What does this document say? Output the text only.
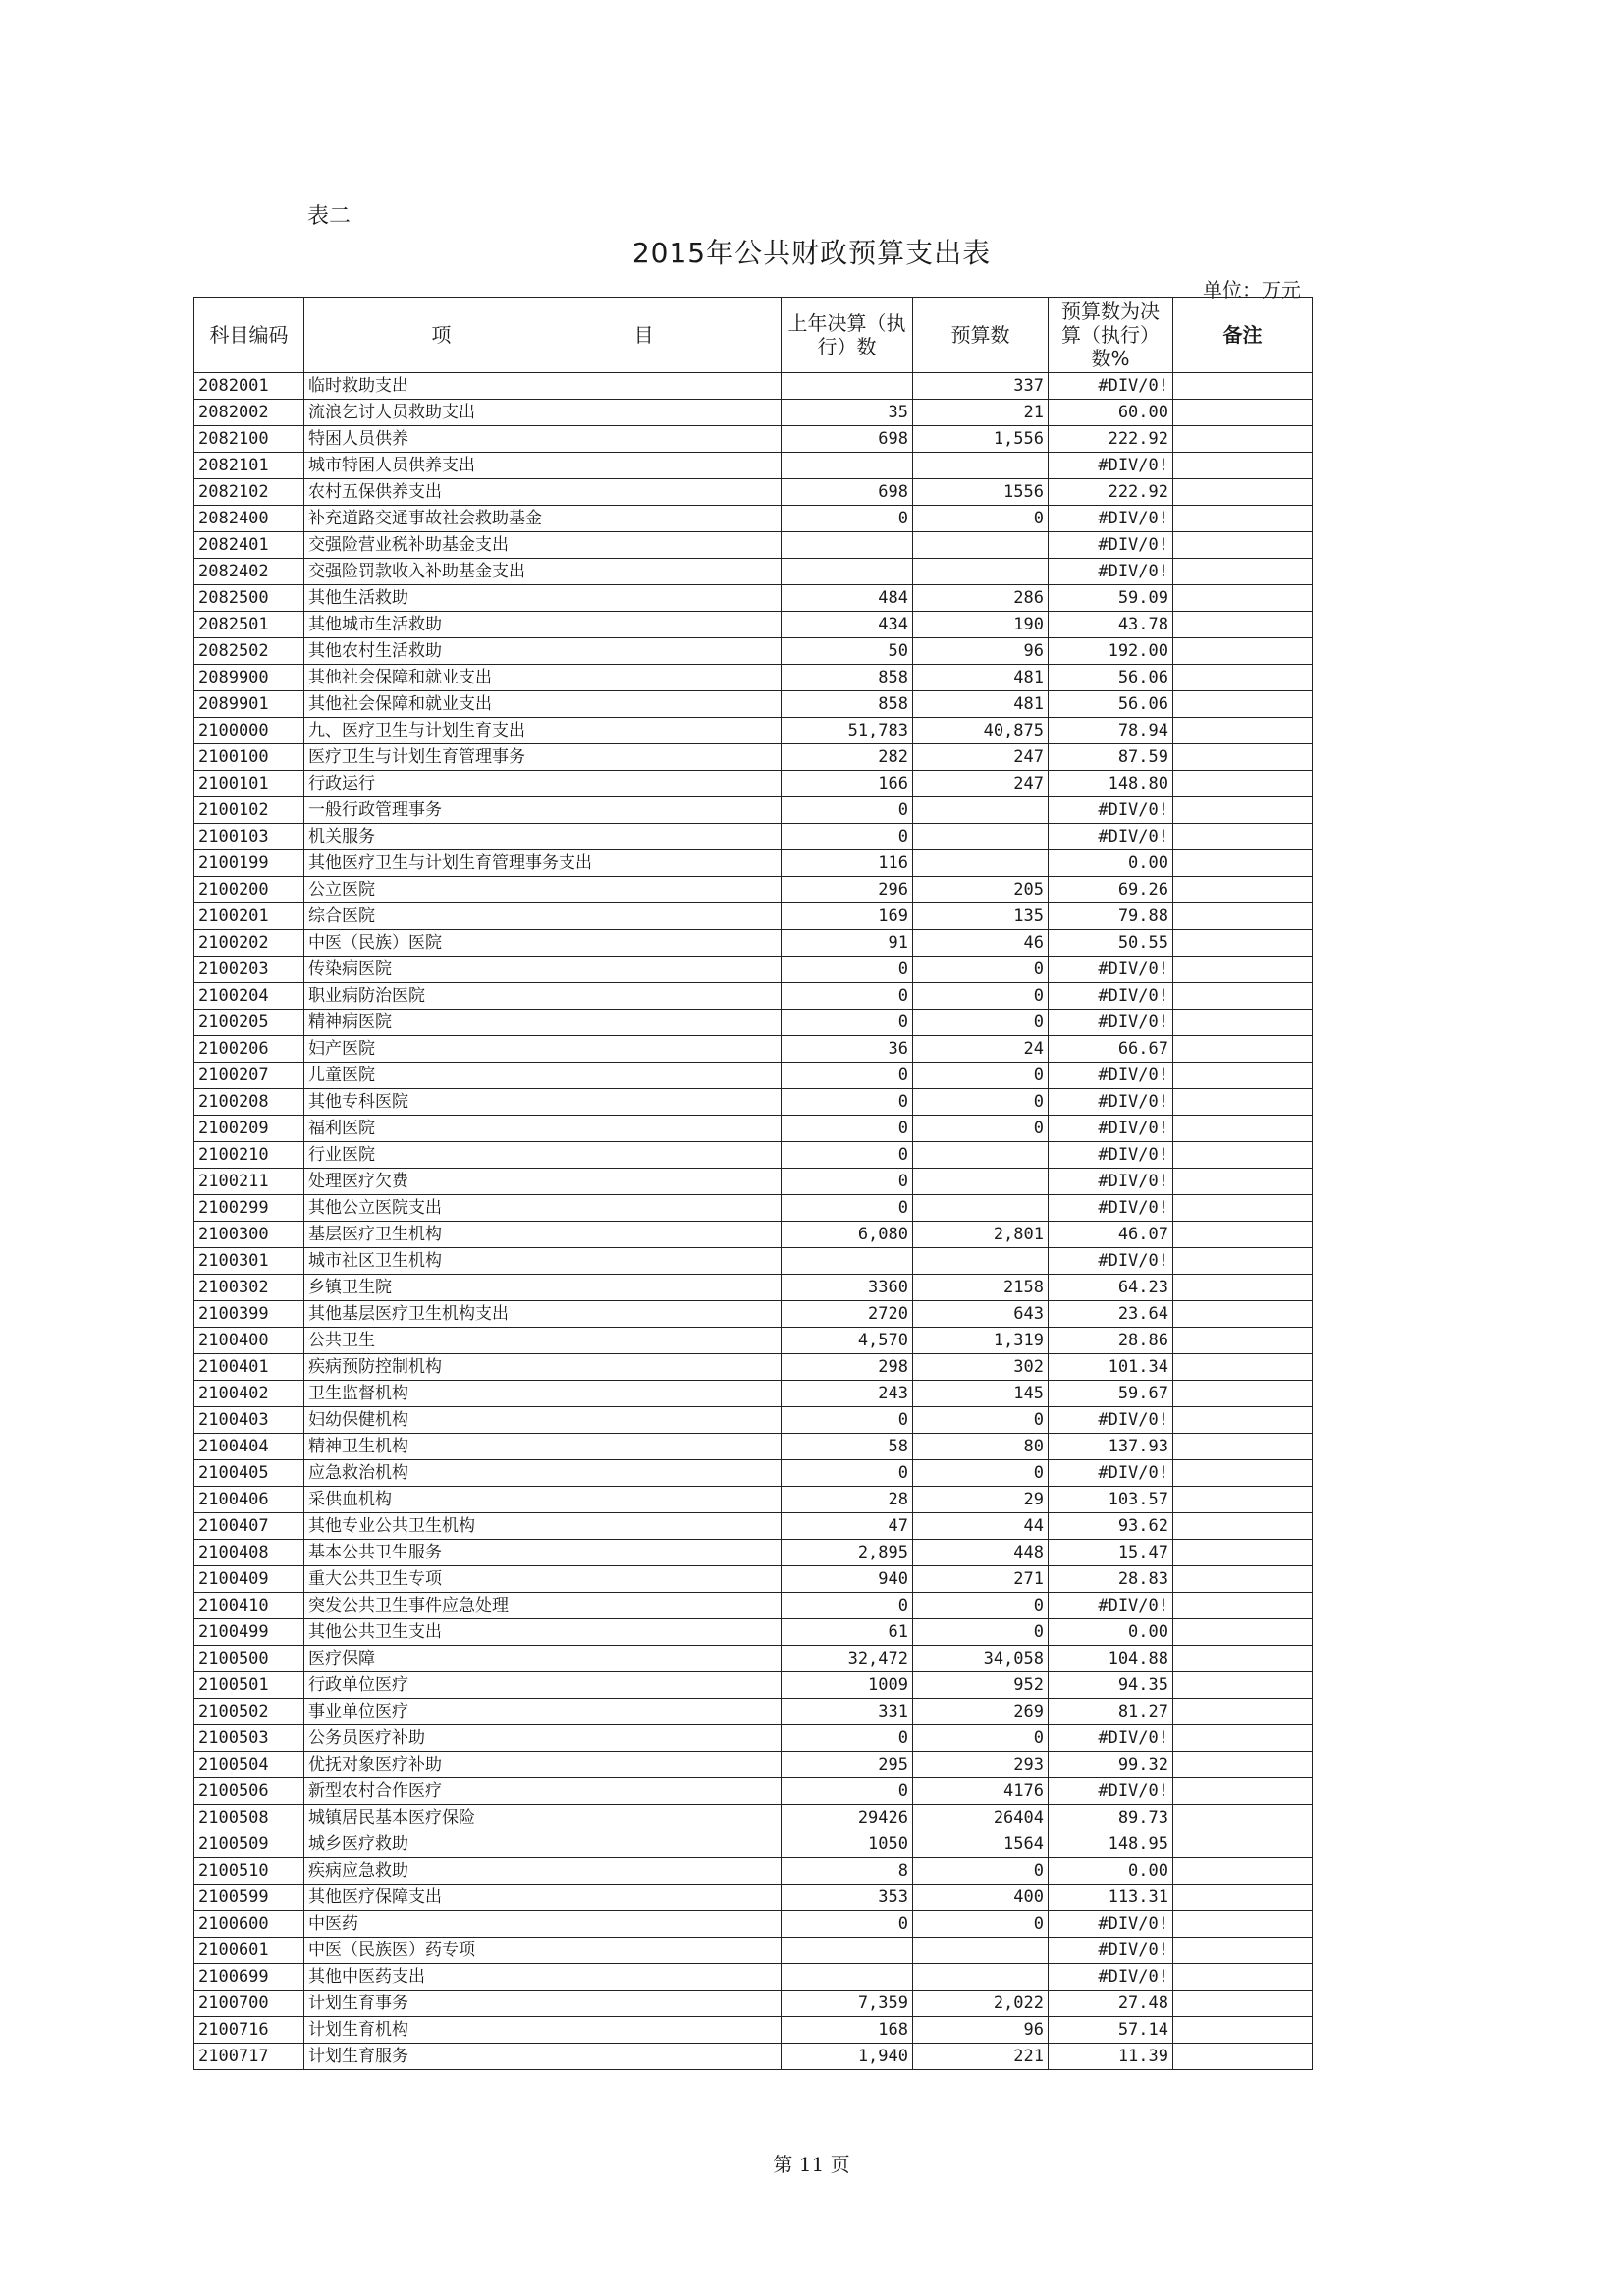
表二
2015年公共财政预算支出表
单位：万元
科目编码	项 目	上年决算（执行）数	预算数	预算数为决算（执行）数%	备注
2082001	临时救助支出		337	#DIV/0!	
2082002	流浪乞讨人员救助支出	35	21	60.00	
2082100	特困人员供养	698	1,556	222.92	
2082101	城市特困人员供养支出			#DIV/0!	
2082102	农村五保供养支出	698	1556	222.92	
2082400	补充道路交通事故社会救助基金	0	0	#DIV/0!	
2082401	交强险营业税补助基金支出			#DIV/0!	
2082402	交强险罚款收入补助基金支出			#DIV/0!	
2082500	其他生活救助	484	286	59.09	
2082501	其他城市生活救助	434	190	43.78	
2082502	其他农村生活救助	50	96	192.00	
2089900	其他社会保障和就业支出	858	481	56.06	
2089901	其他社会保障和就业支出	858	481	56.06	
2100000	九、医疗卫生与计划生育支出	51,783	40,875	78.94	
2100100	医疗卫生与计划生育管理事务	282	247	87.59	
2100101	行政运行	166	247	148.80	
2100102	一般行政管理事务	0		#DIV/0!	
2100103	机关服务	0		#DIV/0!	
2100199	其他医疗卫生与计划生育管理事务支出	116		0.00	
2100200	公立医院	296	205	69.26	
2100201	综合医院	169	135	79.88	
2100202	中医（民族）医院	91	46	50.55	
2100203	传染病医院	0	0	#DIV/0!	
2100204	职业病防治医院	0	0	#DIV/0!	
2100205	精神病医院	0	0	#DIV/0!	
2100206	妇产医院	36	24	66.67	
2100207	儿童医院	0	0	#DIV/0!	
2100208	其他专科医院	0	0	#DIV/0!	
2100209	福利医院	0	0	#DIV/0!	
2100210	行业医院	0		#DIV/0!	
2100211	处理医疗欠费	0		#DIV/0!	
2100299	其他公立医院支出	0		#DIV/0!	
2100300	基层医疗卫生机构	6,080	2,801	46.07	
2100301	城市社区卫生机构			#DIV/0!	
2100302	乡镇卫生院	3360	2158	64.23	
2100399	其他基层医疗卫生机构支出	2720	643	23.64	
2100400	公共卫生	4,570	1,319	28.86	
2100401	疾病预防控制机构	298	302	101.34	
2100402	卫生监督机构	243	145	59.67	
2100403	妇幼保健机构	0	0	#DIV/0!	
2100404	精神卫生机构	58	80	137.93	
2100405	应急救治机构	0	0	#DIV/0!	
2100406	采供血机构	28	29	103.57	
2100407	其他专业公共卫生机构	47	44	93.62	
2100408	基本公共卫生服务	2,895	448	15.47	
2100409	重大公共卫生专项	940	271	28.83	
2100410	突发公共卫生事件应急处理	0	0	#DIV/0!	
2100499	其他公共卫生支出	61	0	0.00	
2100500	医疗保障	32,472	34,058	104.88	
2100501	行政单位医疗	1009	952	94.35	
2100502	事业单位医疗	331	269	81.27	
2100503	公务员医疗补助	0	0	#DIV/0!	
2100504	优抚对象医疗补助	295	293	99.32	
2100506	新型农村合作医疗	0	4176	#DIV/0!	
2100508	城镇居民基本医疗保险	29426	26404	89.73	
2100509	城乡医疗救助	1050	1564	148.95	
2100510	疾病应急救助	8	0	0.00	
2100599	其他医疗保障支出	353	400	113.31	
2100600	中医药	0	0	#DIV/0!	
2100601	中医（民族医）药专项			#DIV/0!	
2100699	其他中医药支出			#DIV/0!	
2100700	计划生育事务	7,359	2,022	27.48	
2100716	计划生育机构	168	96	57.14	
2100717	计划生育服务	1,940	221	11.39	
第 11 页
